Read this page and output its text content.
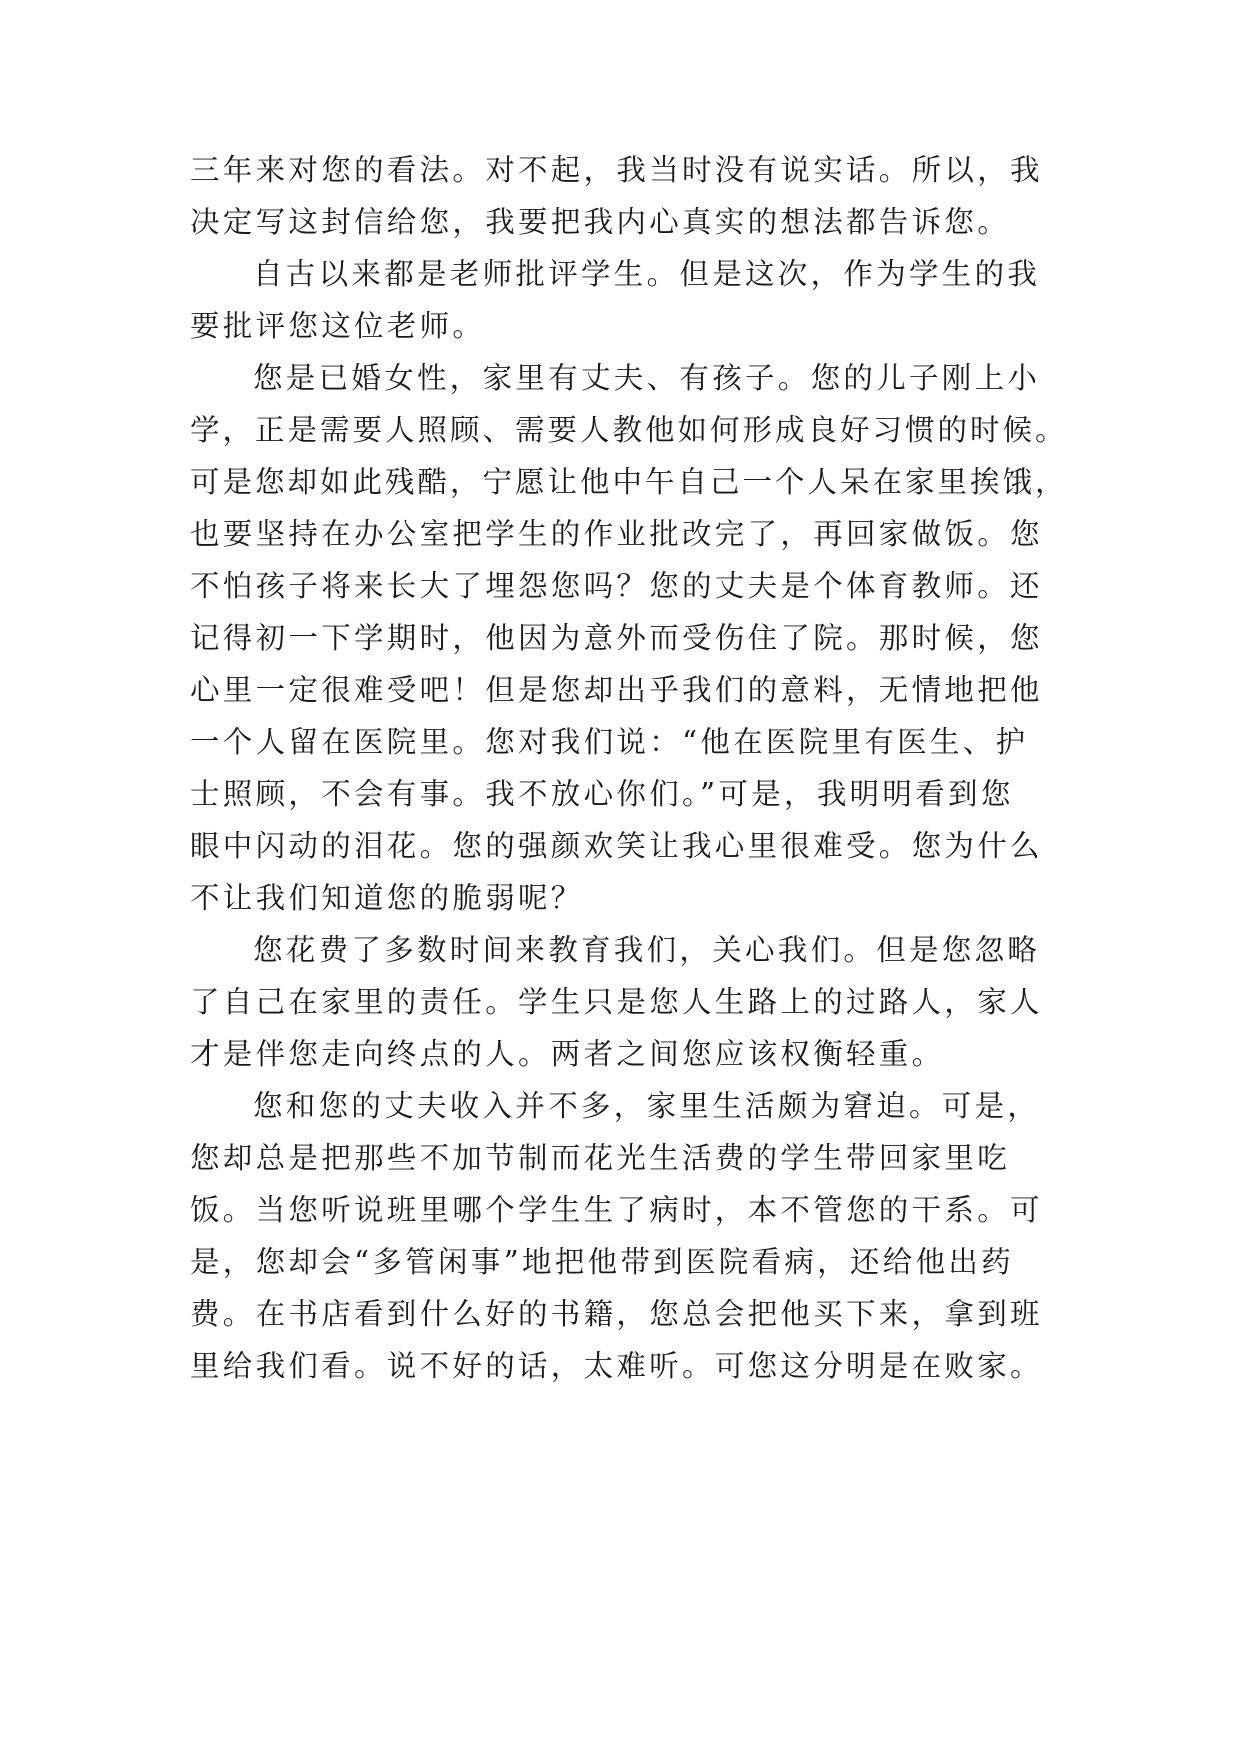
三年来对您的看法。对不起，我当时没有说实话。所以，我
决定写这封信给您，我要把我内心真实的想法都告诉您。
自古以来都是老师批评学生。但是这次，作为学生的我
要批评您这位老师。
您是已婚女性，家里有丈夫、有孩子。您的儿子刚上小
学，正是需要人照顾、需要人教他如何形成良好习惯的时候。
可是您却如此残酷，宁愿让他中午自己一个人呆在家里挨饿，
也要坚持在办公室把学生的作业批改完了，再回家做饭。您
不怕孩子将来长大了埋怨您吗？您的丈夫是个体育教师。还
记得初一下学期时，他因为意外而受伤住了院。那时候，您
心里一定很难受吧！但是您却出乎我们的意料，无情地把他
一个人留在医院里。您对我们说：“他在医院里有医生、护
士照顾，不会有事。我不放心你们。”可是，我明明看到您
眼中闪动的泪花。您的强颜欢笑让我心里很难受。您为什么
不让我们知道您的脆弱呢？
您花费了多数时间来教育我们，关心我们。但是您忽略
了自己在家里的责任。学生只是您人生路上的过路人，家人
才是伴您走向终点的人。两者之间您应该权衡轻重。
您和您的丈夫收入并不多，家里生活颇为窘迫。可是，
您却总是把那些不加节制而花光生活费的学生带回家里吃
饭。当您听说班里哪个学生生了病时，本不管您的干系。可
是，您却会“多管闲事”地把他带到医院看病，还给他出药
费。在书店看到什么好的书籍，您总会把他买下来，拿到班
里给我们看。说不好的话，太难听。可您这分明是在败家。
